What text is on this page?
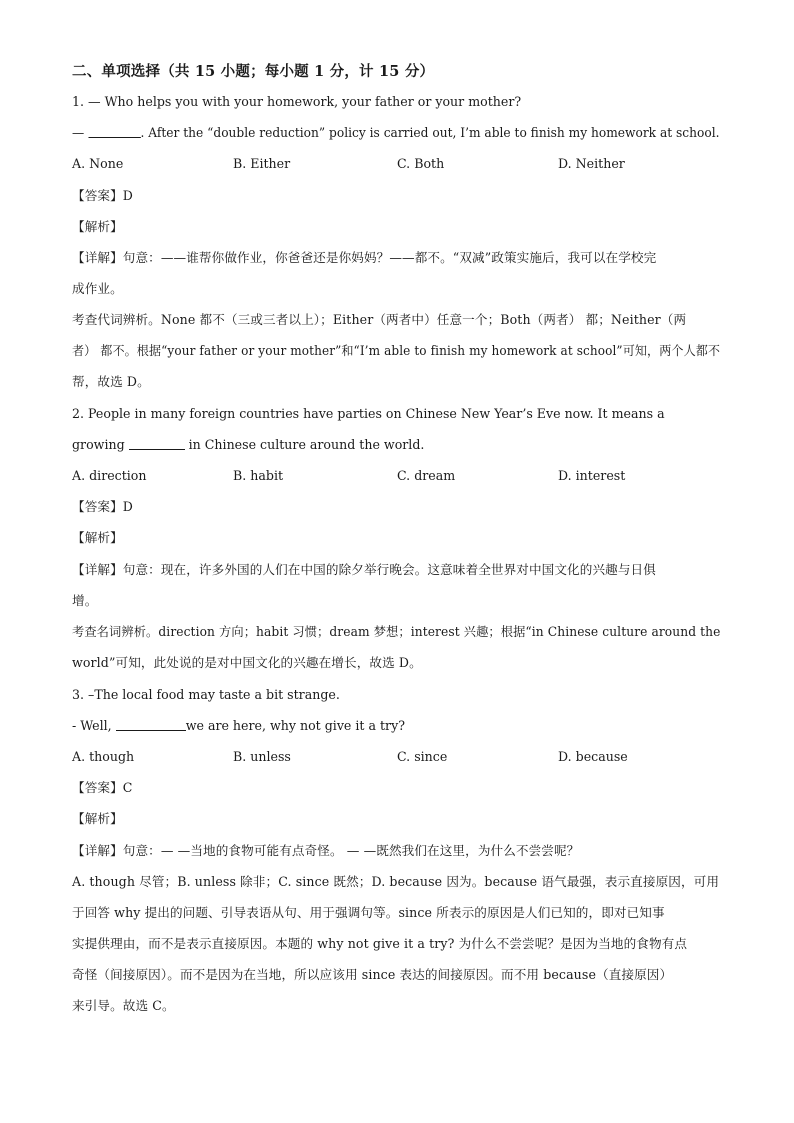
二、单项选择（共 15 小题；每小题 1 分，计 15 分）
1. — Who helps you with your homework, your father or your mother?
—	. After the “double reduction” policy is carried out, I’m able to finish my homework at school.
A. None	B. Either	C. Both	D. Neither
【答案】D
【解析】
【详解】句意：——谁帮你做作业，你爸爸还是你妈妈？——都不。“双减”政策实施后，我可以在学校完
成作业。
考查代词辨析。None 都不（三或三者以上）；Either（两者中）任意一个；Both（两者） 都；Neither（两
者） 都不。根据“your father or your mother”和“I’m able to finish my homework at school”可知，两个人都不
帮，故选 D。
2. People in many foreign countries have parties on Chinese New Year’s Eve now. It means a
growing	in Chinese culture around the world.
A. direction	B. habit	C. dream	D. interest
【答案】D
【解析】
【详解】句意：现在，许多外国的人们在中国的除夕举行晚会。这意味着全世界对中国文化的兴趣与日俱
增。
考查名词辨析。direction 方向；habit 习惯；dream 梦想；interest 兴趣；根据“in Chinese culture around the
world”可知，此处说的是对中国文化的兴趣在增长，故选 D。
3. –The local food may taste a bit strange.
- Well,	we are here, why not give it a try?
A. though	B. unless	C. since	D. because
【答案】C
【解析】
【详解】句意：— —当地的食物可能有点奇怪。 — —既然我们在这里，为什么不尝尝呢？
A. though 尽管；B. unless 除非；C. since 既然；D. because 因为。because 语气最强，表示直接原因，可用
于回答 why 提出的问题、引导表语从句、用于强调句等。since 所表示的原因是人们已知的，即对已知事
实提供理由，而不是表示直接原因。本题的 why not give it a try? 为什么不尝尝呢？是因为当地的食物有点
奇怪（间接原因）。而不是因为在当地，所以应该用 since 表达的间接原因。而不用 because（直接原因）
来引导。故选 C。
